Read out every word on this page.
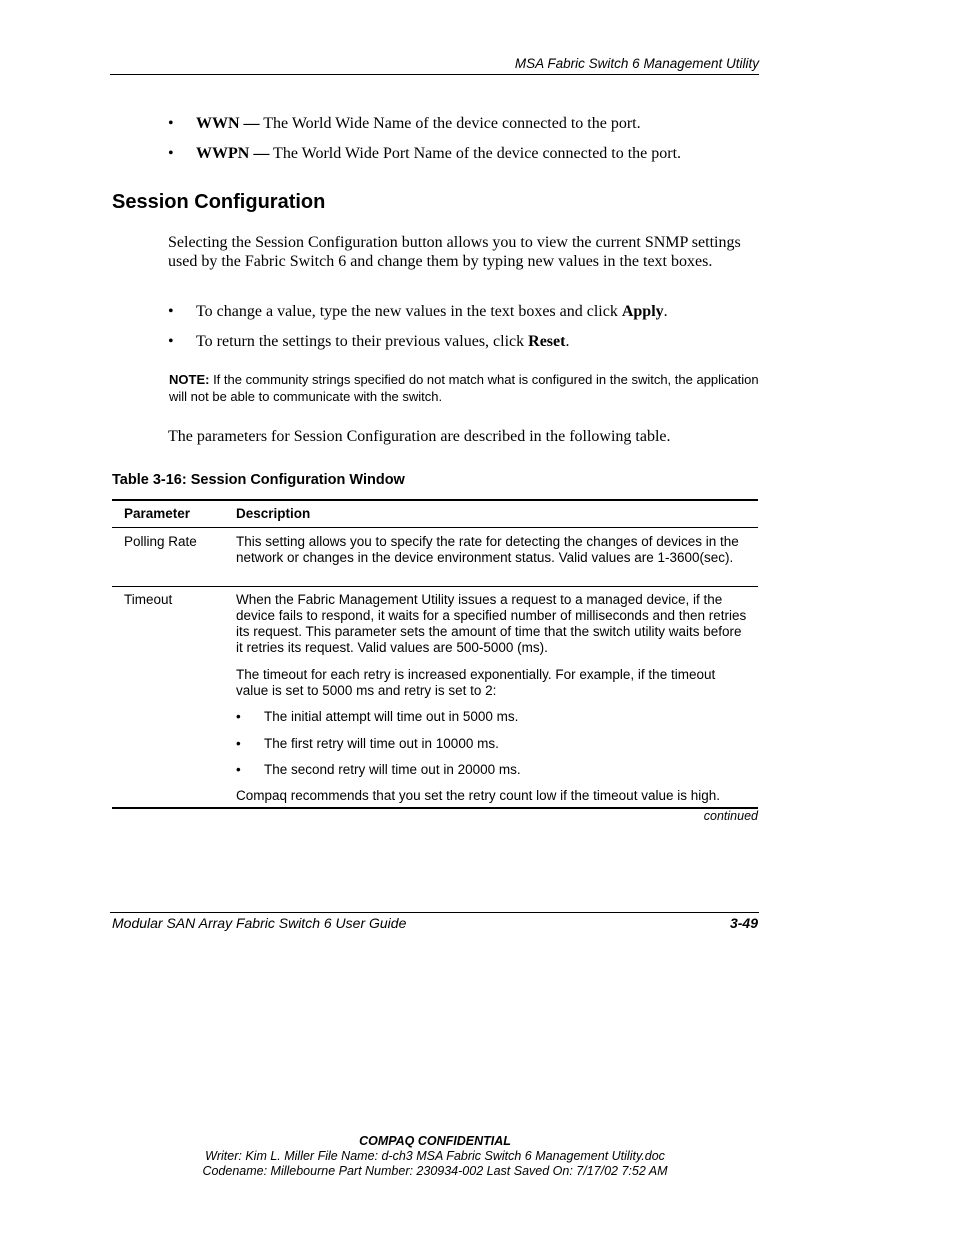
MSA Fabric Switch 6 Management Utility
• WWN — The World Wide Name of the device connected to the port.
• WWPN — The World Wide Port Name of the device connected to the port.
Session Configuration
Selecting the Session Configuration button allows you to view the current SNMP settings used by the Fabric Switch 6 and change them by typing new values in the text boxes.
• To change a value, type the new values in the text boxes and click Apply.
• To return the settings to their previous values, click Reset.
NOTE: If the community strings specified do not match what is configured in the switch, the application will not be able to communicate with the switch.
The parameters for Session Configuration are described in the following table.
Table 3-16: Session Configuration Window
Parameter	Description
Polling Rate	This setting allows you to specify the rate for detecting the changes of devices in the network or changes in the device environment status. Valid values are 1-3600(sec).
Timeout	When the Fabric Management Utility issues a request to a managed device, if the device fails to respond, it waits for a specified number of milliseconds and then retries its request. This parameter sets the amount of time that the switch utility waits before it retries its request. Valid values are 500-5000 (ms).
The timeout for each retry is increased exponentially. For example, if the timeout value is set to 5000 ms and retry is set to 2:
• The initial attempt will time out in 5000 ms.
• The first retry will time out in 10000 ms.
• The second retry will time out in 20000 ms.
Compaq recommends that you set the retry count low if the timeout value is high.
continued
Modular SAN Array Fabric Switch 6 User Guide	3-49
COMPAQ CONFIDENTIAL
Writer: Kim L. Miller File Name: d-ch3 MSA Fabric Switch 6 Management Utility.doc
Codename: Millebourne Part Number: 230934-002 Last Saved On: 7/17/02 7:52 AM
